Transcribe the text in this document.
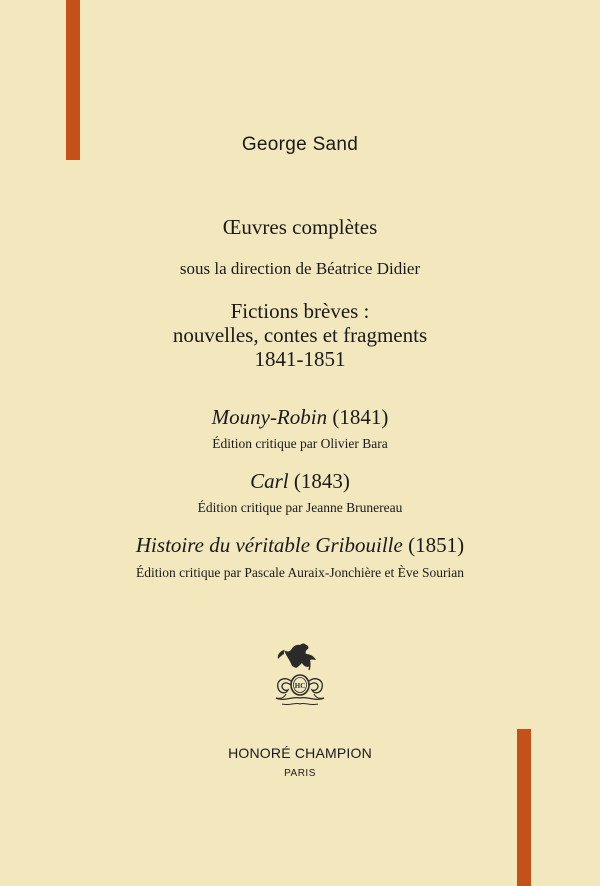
George Sand
Œuvres complètes
sous la direction de Béatrice Didier
Fictions brèves :
nouvelles, contes et fragments
1841-1851
Mouny-Robin (1841)
Édition critique par Olivier Bara
Carl (1843)
Édition critique par Jeanne Brunereau
Histoire du véritable Gribouille (1851)
Édition critique par Pascale Auraix-Jonchière et Ève Sourian
HC
HONORÉ CHAMPION
PARIS
